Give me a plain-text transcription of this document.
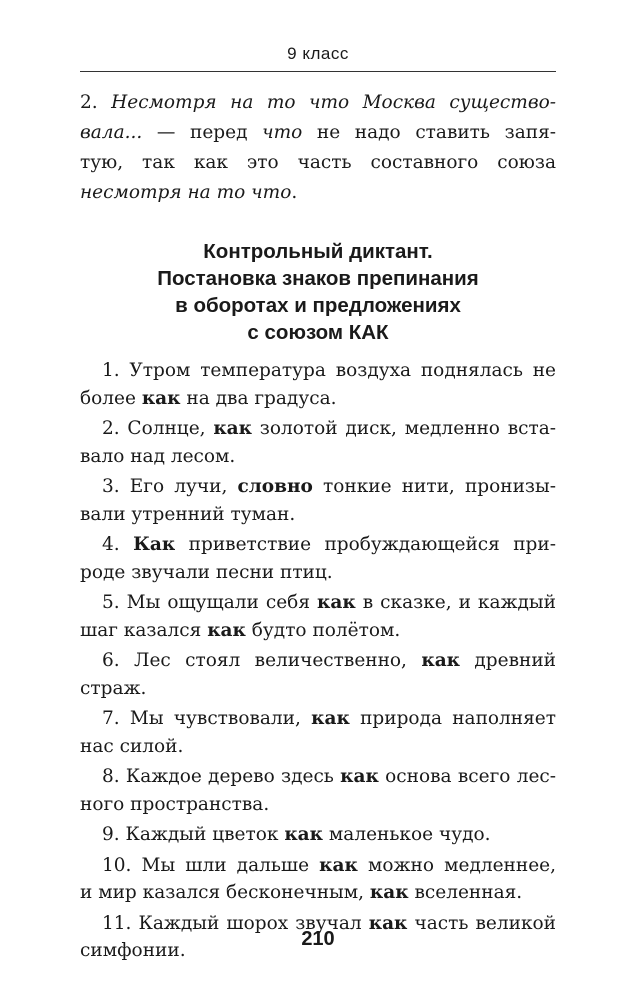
9 класс
2. Несмотря на то что Москва существо-
вала... — перед что не надо ставить запя-
тую, так как это часть составного союза
несмотря на то что.
Контрольный диктант.
Постановка знаков препинания
в оборотах и предложениях
с союзом КАК
1. Утром температура воздуха поднялась не
более как на два градуса.
2. Солнце, как золотой диск, медленно вста-
вало над лесом.
3. Его лучи, словно тонкие нити, пронизы-
вали утренний туман.
4. Как приветствие пробуждающейся при-
роде звучали песни птиц.
5. Мы ощущали себя как в сказке, и каждый
шаг казался как будто полётом.
6. Лес стоял величественно, как древний
страж.
7. Мы чувствовали, как природа наполняет
нас силой.
8. Каждое дерево здесь как основа всего лес-
ного пространства.
9. Каждый цветок как маленькое чудо.
10. Мы шли дальше как можно медленнее,
и мир казался бесконечным, как вселенная.
11. Каждый шорох звучал как часть великой
симфонии.
210
